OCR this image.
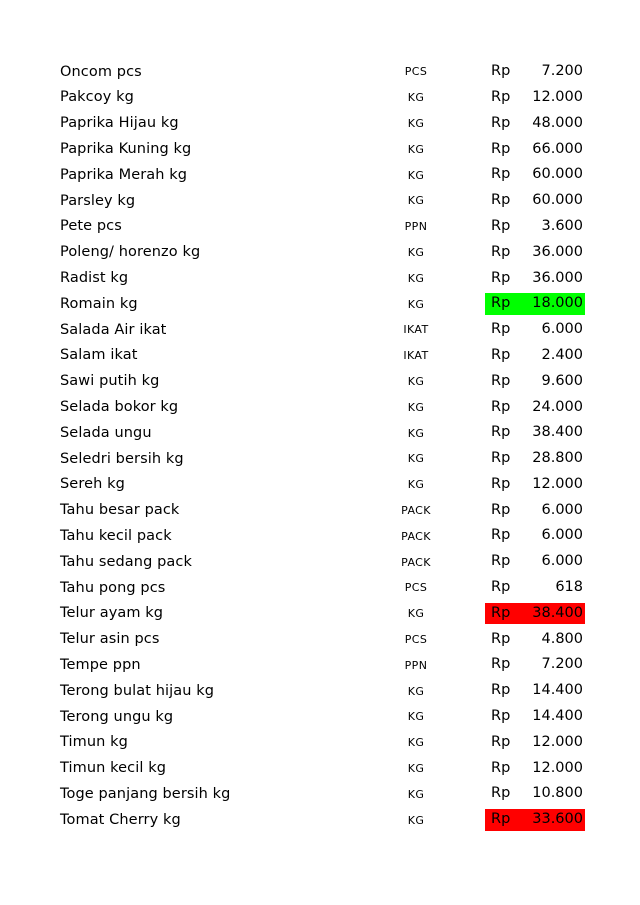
Oncom pcs	PCS	Rp	7.200
Pakcoy kg	KG	Rp	12.000
Paprika Hijau kg	KG	Rp	48.000
Paprika Kuning kg	KG	Rp	66.000
Paprika Merah kg	KG	Rp	60.000
Parsley kg	KG	Rp	60.000
Pete pcs	PPN	Rp	3.600
Poleng/ horenzo kg	KG	Rp	36.000
Radist kg	KG	Rp	36.000
Romain kg	KG	Rp	18.000
Salada Air ikat	IKAT	Rp	6.000
Salam ikat	IKAT	Rp	2.400
Sawi putih kg	KG	Rp	9.600
Selada bokor kg	KG	Rp	24.000
Selada ungu	KG	Rp	38.400
Seledri bersih kg	KG	Rp	28.800
Sereh kg	KG	Rp	12.000
Tahu besar pack	PACK	Rp	6.000
Tahu kecil pack	PACK	Rp	6.000
Tahu sedang pack	PACK	Rp	6.000
Tahu pong pcs	PCS	Rp	618
Telur ayam kg	KG	Rp	38.400
Telur asin pcs	PCS	Rp	4.800
Tempe ppn	PPN	Rp	7.200
Terong bulat hijau kg	KG	Rp	14.400
Terong ungu kg	KG	Rp	14.400
Timun kg	KG	Rp	12.000
Timun kecil kg	KG	Rp	12.000
Toge panjang bersih kg	KG	Rp	10.800
Tomat Cherry kg	KG	Rp	33.600
